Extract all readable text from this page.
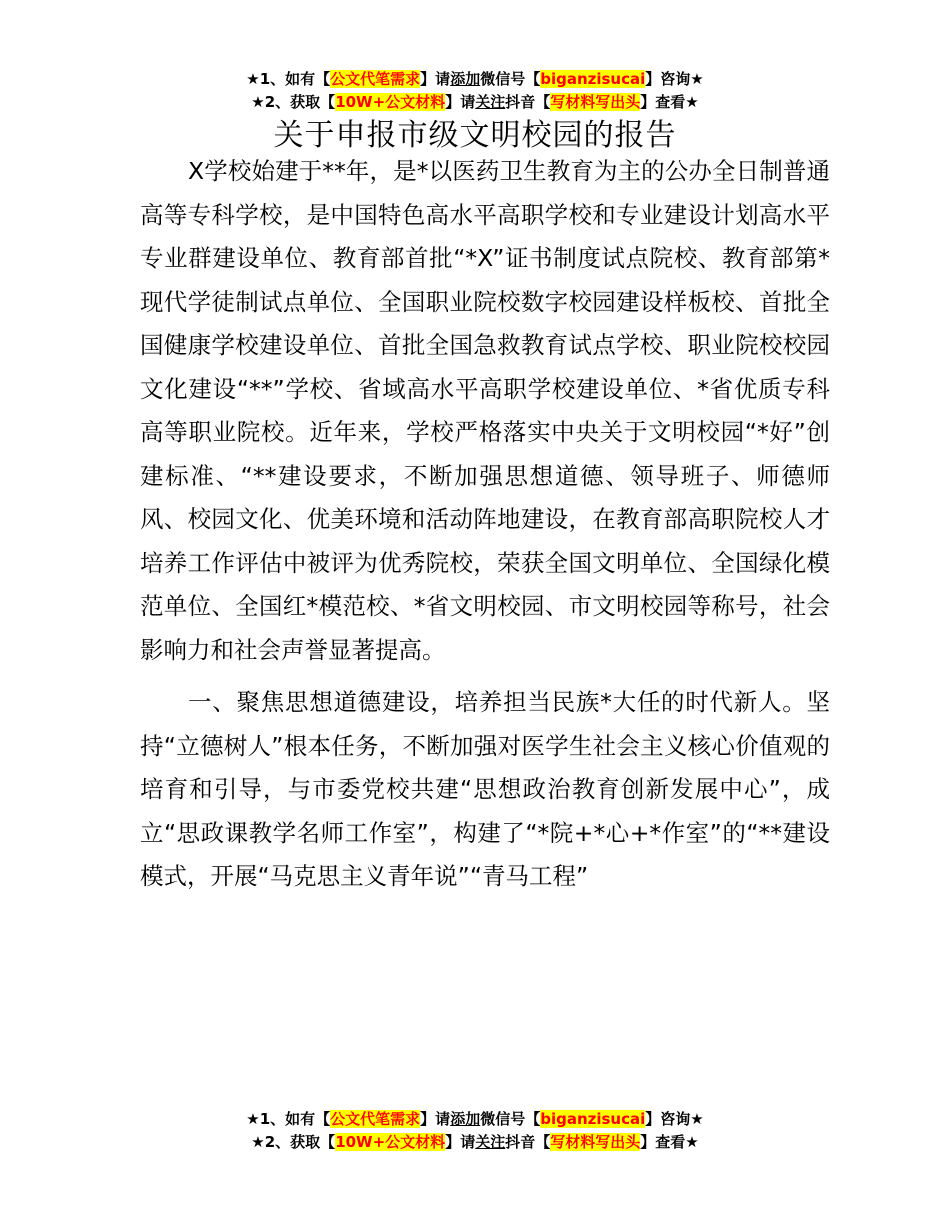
★1、如有【公文代笔需求】请添加微信号【biganzisucai】咨询★
★2、获取【10W+公文材料】请关注抖音【写材料写出头】查看★
关于申报市级文明校园的报告

X学校始建于**年，是*以医药卫生教育为主的公办全日制普通高等专科学校，是中国特色高水平高职学校和专业建设计划高水平专业群建设单位、教育部首批“*X”证书制度试点院校、教育部第*现代学徒制试点单位、全国职业院校数字校园建设样板校、首批全国健康学校建设单位、首批全国急救教育试点学校、职业院校校园文化建设“**”学校、省域高水平高职学校建设单位、*省优质专科高等职业院校。近年来，学校严格落实中央关于文明校园“*好”创建标准、“**建设要求，不断加强思想道德、领导班子、师德师风、校园文化、优美环境和活动阵地建设，在教育部高职院校人才培养工作评估中被评为优秀院校，荣获全国文明单位、全国绿化模范单位、全国红*模范校、*省文明校园、市文明校园等称号，社会影响力和社会声誉显著提高。

一、聚焦思想道德建设，培养担当民族*大任的时代新人。坚持“立德树人”根本任务，不断加强对医学生社会主义核心价值观的培育和引导，与市委党校共建“思想政治教育创新发展中心”，成立“思政课教学名师工作室”，构建了“*院+*心+*作室”的“**建设模式，开展“马克思主义青年说”“青马工程”

★1、如有【公文代笔需求】请添加微信号【biganzisucai】咨询★
★2、获取【10W+公文材料】请关注抖音【写材料写出头】查看★
